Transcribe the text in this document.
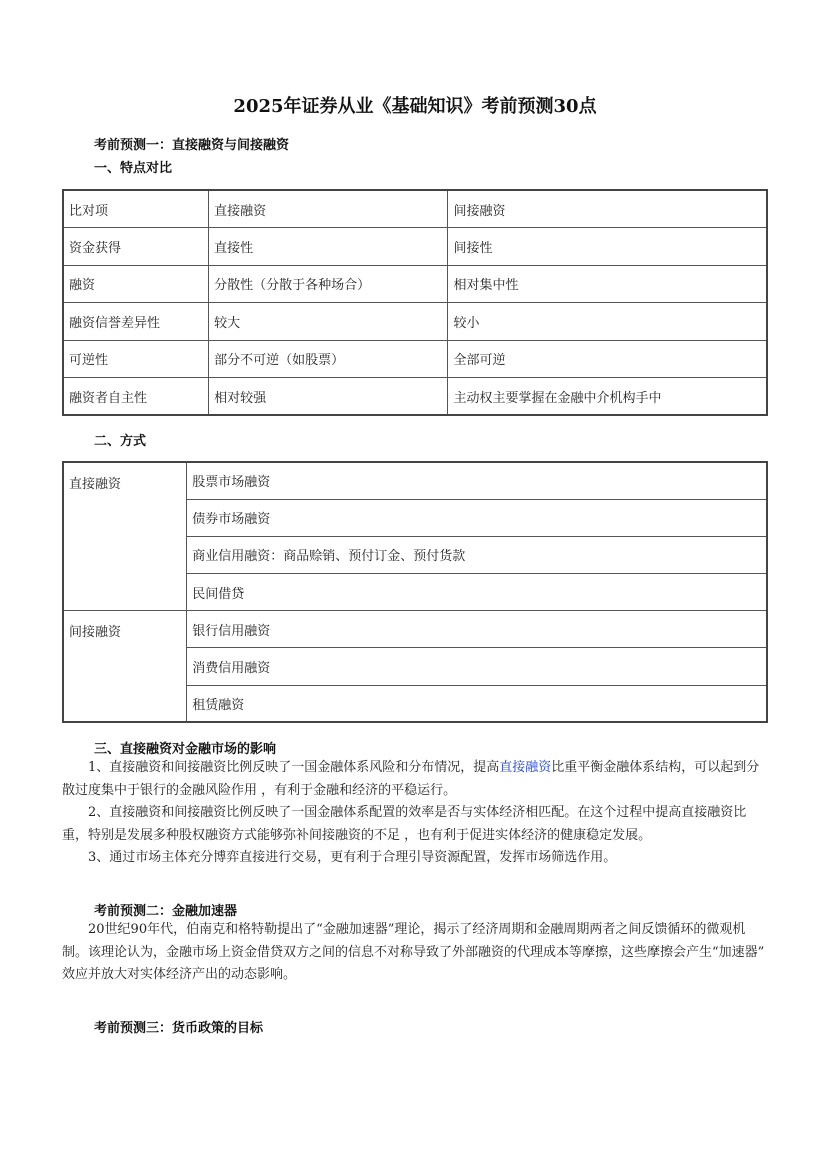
2025年证券从业《基础知识》考前预测30点
考前预测一：直接融资与间接融资
一、特点对比
比对项	直接融资	间接融资
资金获得	直接性	间接性
融资	分散性（分散于各种场合）	相对集中性
融资信誉差异性	较大	较小
可逆性	部分不可逆（如股票）	全部可逆
融资者自主性	相对较强	主动权主要掌握在金融中介机构手中
二、方式
直接融资	股票市场融资
	债券市场融资
	商业信用融资：商品赊销、预付订金、预付货款
	民间借贷
间接融资	银行信用融资
	消费信用融资
	租赁融资
三、直接融资对金融市场的影响
1、直接融资和间接融资比例反映了一国金融体系风险和分布情况，提高直接融资比重平衡金融体系结构，可以起到分散过度集中于银行的金融风险作用 ，有利于金融和经济的平稳运行。
2、直接融资和间接融资比例反映了一国金融体系配置的效率是否与实体经济相匹配。在这个过程中提高直接融资比重，特别是发展多种股权融资方式能够弥补间接融资的不足 ，也有利于促进实体经济的健康稳定发展。
3、通过市场主体充分博弈直接进行交易，更有利于合理引导资源配置，发挥市场筛选作用。
考前预测二：金融加速器
20世纪90年代，伯南克和格特勒提出了“金融加速器”理论，揭示了经济周期和金融周期两者之间反馈循环的微观机制。该理论认为，金融市场上资金借贷双方之间的信息不对称导致了外部融资的代理成本等摩擦，这些摩擦会产生“加速器” 效应并放大对实体经济产出的动态影响。
考前预测三：货币政策的目标
